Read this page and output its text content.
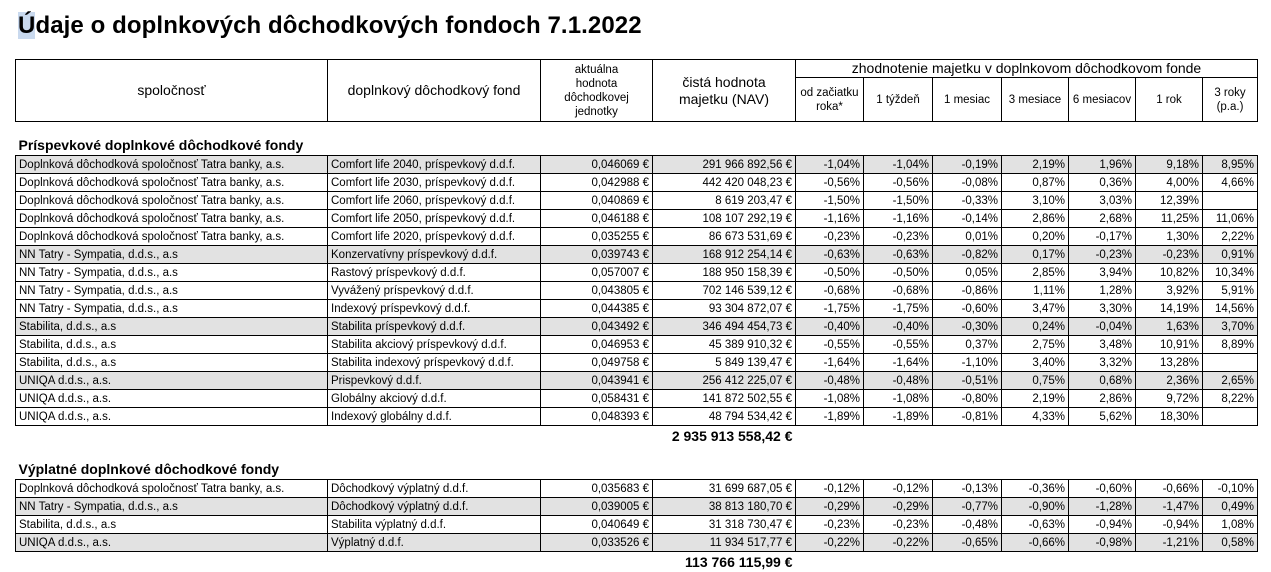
Údaje o doplnkových dôchodkových fondoch 7.1.2022
spoločnosť	doplnkový dôchodkový fond	aktuálna hodnota dôchodkovej jednotky	čistá hodnota majetku (NAV)	zhodnotenie majetku v doplnkovom dôchodkovom fonde						
				od začiatku roka*	1 týždeň	1 mesiac	3 mesiace	6 mesiacov	1 rok	3 roky (p.a.)

Príspevkové doplnkové dôchodkové fondy										
Doplnková dôchodková spoločnosť Tatra banky, a.s.	Comfort life 2040, príspevkový d.d.f.	0,046069 €	291 966 892,56 €	-1,04%	-1,04%	-0,19%	2,19%	1,96%	9,18%	8,95%
Doplnková dôchodková spoločnosť Tatra banky, a.s.	Comfort life 2030, príspevkový d.d.f.	0,042988 €	442 420 048,23 €	-0,56%	-0,56%	-0,08%	0,87%	0,36%	4,00%	4,66%
Doplnková dôchodková spoločnosť Tatra banky, a.s.	Comfort life 2060, príspevkový d.d.f.	0,040869 €	8 619 203,47 €	-1,50%	-1,50%	-0,33%	3,10%	3,03%	12,39%	
Doplnková dôchodková spoločnosť Tatra banky, a.s.	Comfort life 2050, príspevkový d.d.f.	0,046188 €	108 107 292,19 €	-1,16%	-1,16%	-0,14%	2,86%	2,68%	11,25%	11,06%
Doplnková dôchodková spoločnosť Tatra banky, a.s.	Comfort life 2020, príspevkový d.d.f.	0,035255 €	86 673 531,69 €	-0,23%	-0,23%	0,01%	0,20%	-0,17%	1,30%	2,22%
NN Tatry - Sympatia, d.d.s., a.s	Konzervatívny príspevkový d.d.f.	0,039743 €	168 912 254,14 €	-0,63%	-0,63%	-0,82%	0,17%	-0,23%	-0,23%	0,91%
NN Tatry - Sympatia, d.d.s., a.s	Rastový príspevkový d.d.f.	0,057007 €	188 950 158,39 €	-0,50%	-0,50%	0,05%	2,85%	3,94%	10,82%	10,34%
NN Tatry - Sympatia, d.d.s., a.s	Vyvážený príspevkový d.d.f.	0,043805 €	702 146 539,12 €	-0,68%	-0,68%	-0,86%	1,11%	1,28%	3,92%	5,91%
NN Tatry - Sympatia, d.d.s., a.s	Indexový príspevkový d.d.f.	0,044385 €	93 304 872,07 €	-1,75%	-1,75%	-0,60%	3,47%	3,30%	14,19%	14,56%
Stabilita, d.d.s., a.s	Stabilita príspevkový d.d.f.	0,043492 €	346 494 454,73 €	-0,40%	-0,40%	-0,30%	0,24%	-0,04%	1,63%	3,70%
Stabilita, d.d.s., a.s	Stabilita akciový príspevkový d.d.f.	0,046953 €	45 389 910,32 €	-0,55%	-0,55%	0,37%	2,75%	3,48%	10,91%	8,89%
Stabilita, d.d.s., a.s	Stabilita indexový príspevkový d.d.f.	0,049758 €	5 849 139,47 €	-1,64%	-1,64%	-1,10%	3,40%	3,32%	13,28%	
UNIQA d.d.s., a.s.	Prispevkový d.d.f.	0,043941 €	256 412 225,07 €	-0,48%	-0,48%	-0,51%	0,75%	0,68%	2,36%	2,65%
UNIQA d.d.s., a.s.	Globálny akciový d.d.f.	0,058431 €	141 872 502,55 €	-1,08%	-1,08%	-0,80%	2,19%	2,86%	9,72%	8,22%
UNIQA d.d.s., a.s.	Indexový globálny d.d.f.	0,048393 €	48 794 534,42 €	-1,89%	-1,89%	-0,81%	4,33%	5,62%	18,30%	
			2 935 913 558,42 €							

Výplatné doplnkové dôchodkové fondy										
Doplnková dôchodková spoločnosť Tatra banky, a.s.	Dôchodkový výplatný d.d.f.	0,035683 €	31 699 687,05 €	-0,12%	-0,12%	-0,13%	-0,36%	-0,60%	-0,66%	-0,10%
NN Tatry - Sympatia, d.d.s., a.s	Dôchodkový výplatný d.d.f.	0,039005 €	38 813 180,70 €	-0,29%	-0,29%	-0,77%	-0,90%	-1,28%	-1,47%	0,49%
Stabilita, d.d.s., a.s	Stabilita výplatný d.d.f.	0,040649 €	31 318 730,47 €	-0,23%	-0,23%	-0,48%	-0,63%	-0,94%	-0,94%	1,08%
UNIQA d.d.s., a.s.	Výplatný d.d.f.	0,033526 €	11 934 517,77 €	-0,22%	-0,22%	-0,65%	-0,66%	-0,98%	-1,21%	0,58%
			113 766 115,99 €							
